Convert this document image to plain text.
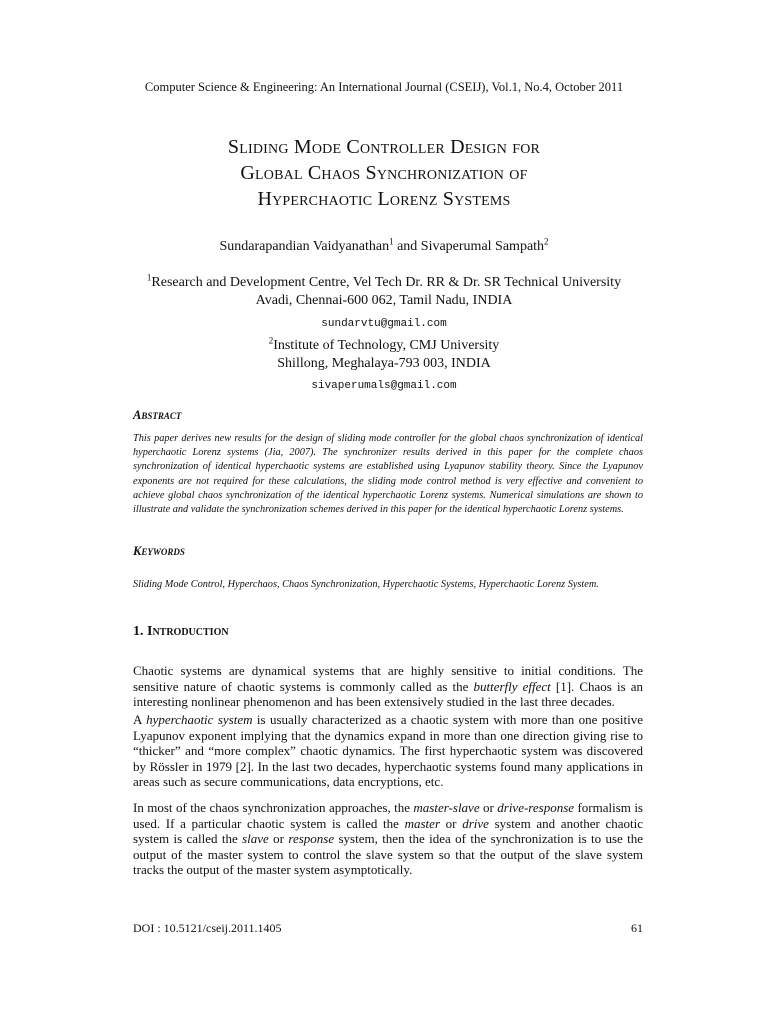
Computer Science & Engineering: An International Journal (CSEIJ), Vol.1, No.4, October 2011
Sliding Mode Controller Design for
Global Chaos Synchronization of
Hyperchaotic Lorenz Systems
Sundarapandian Vaidyanathan$^1$ and Sivaperumal Sampath$^2$
$^1$Research and Development Centre, Vel Tech Dr. RR & Dr. SR Technical University
Avadi, Chennai-600 062, Tamil Nadu, INDIA
sundarvtu@gmail.com
$^2$Institute of Technology, CMJ University
Shillong, Meghalaya-793 003, INDIA
sivaperumals@gmail.com
Abstract
This paper derives new results for the design of sliding mode controller for the global chaos synchronization of identical hyperchaotic Lorenz systems (Jia, 2007). The synchronizer results derived in this paper for the complete chaos synchronization of identical hyperchaotic systems are established using Lyapunov stability theory. Since the Lyapunov exponents are not required for these calculations, the sliding mode control method is very effective and convenient to achieve global chaos synchronization of the identical hyperchaotic Lorenz systems. Numerical simulations are shown to illustrate and validate the synchronization schemes derived in this paper for the identical hyperchaotic Lorenz systems.
Keywords
Sliding Mode Control, Hyperchaos, Chaos Synchronization, Hyperchaotic Systems, Hyperchaotic Lorenz System.
1. Introduction
Chaotic systems are dynamical systems that are highly sensitive to initial conditions. The sensitive nature of chaotic systems is commonly called as the butterfly effect [1]. Chaos is an interesting nonlinear phenomenon and has been extensively studied in the last three decades.
A hyperchaotic system is usually characterized as a chaotic system with more than one positive Lyapunov exponent implying that the dynamics expand in more than one direction giving rise to “thicker” and “more complex” chaotic dynamics. The first hyperchaotic system was discovered by Rössler in 1979 [2]. In the last two decades, hyperchaotic systems found many applications in areas such as secure communications, data encryptions, etc.
In most of the chaos synchronization approaches, the master-slave or drive-response formalism is used. If a particular chaotic system is called the master or drive system and another chaotic system is called the slave or response system, then the idea of the synchronization is to use the output of the master system to control the slave system so that the output of the slave system tracks the output of the master system asymptotically.
DOI : 10.5121/cseij.2011.1405	61
